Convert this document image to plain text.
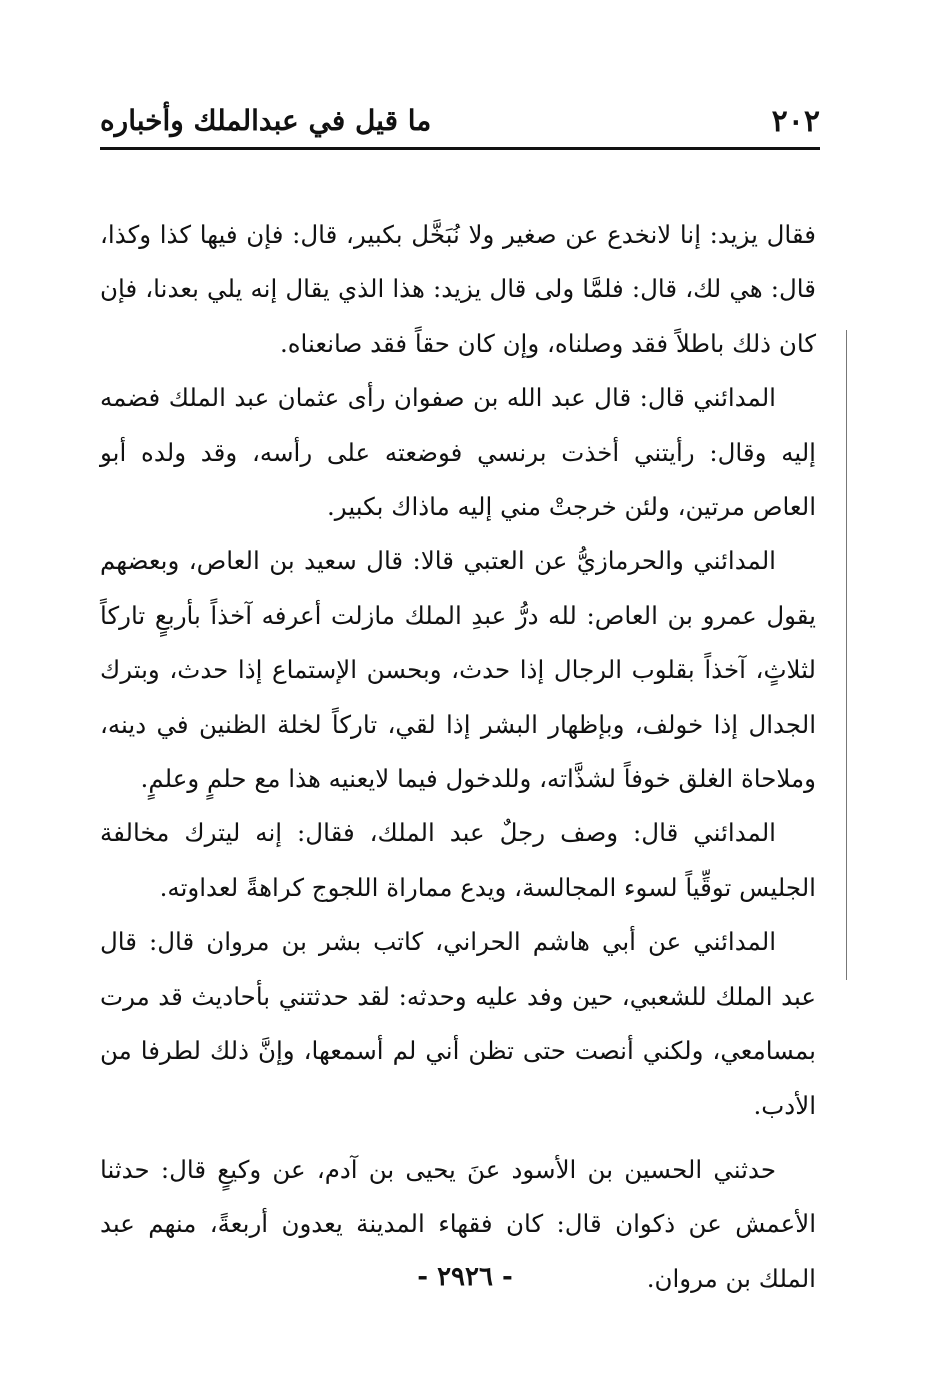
٢٠٢
ما قيل في عبدالملك وأخباره

فقال يزيد: إنا لانخدع عن صغير ولا نُبَخَّل بكبير، قال: فإن فيها كذا وكذا، قال: هي لك، قال: فلمَّا ولى قال يزيد: هذا الذي يقال إنه يلي بعدنا، فإن كان ذلك باطلاً فقد وصلناه، وإن كان حقاً فقد صانعناه.

المدائني قال: قال عبد الله بن صفوان رأى عثمان عبد الملك فضمه إليه وقال: رأيتني أخذت برنسي فوضعته على رأسه، وقد ولده أبو العاص مرتين، ولئن خرجتْ مني إليه ماذاك بكبير.

المدائني والحرمازيُّ عن العتبي قالا: قال سعيد بن العاص، وبعضهم يقول عمرو بن العاص: لله درُّ عبدِ الملك مازلت أعرفه آخذاً بأربعٍ تاركاً لثلاثٍ، آخذاً بقلوب الرجال إذا حدث، وبحسن الإستماع إذا حدث، وبترك الجدال إذا خولف، وبإظهار البشر إذا لقي، تاركاً لخلة الظنين في دينه، وملاحاة الغلق خوفاً لشذَّاته، وللدخول فيما لايعنيه هذا مع حلمٍ وعلمٍ.

المدائني قال: وصف رجلٌ عبد الملك، فقال: إنه ليترك مخالفة الجليس توقِّياً لسوء المجالسة، ويدع مماراة اللجوج كراهةً لعداوته.

المدائني عن أبي هاشم الحراني، كاتب بشر بن مروان قال: قال عبد الملك للشعبي، حين وفد عليه وحدثه: لقد حدثتني بأحاديث قد مرت بمسامعي، ولكني أنصت حتى تظن أني لم أسمعها، وإنَّ ذلك لطرفا من الأدب.

حدثني الحسين بن الأسود عنَ يحيى بن آدم، عن وكيعٍ قال: حدثنا الأعمش عن ذكوان قال: كان فقهاء المدينة يعدون أربعةً، منهم عبد الملك بن مروان.

- ٢٩٢٦ -
